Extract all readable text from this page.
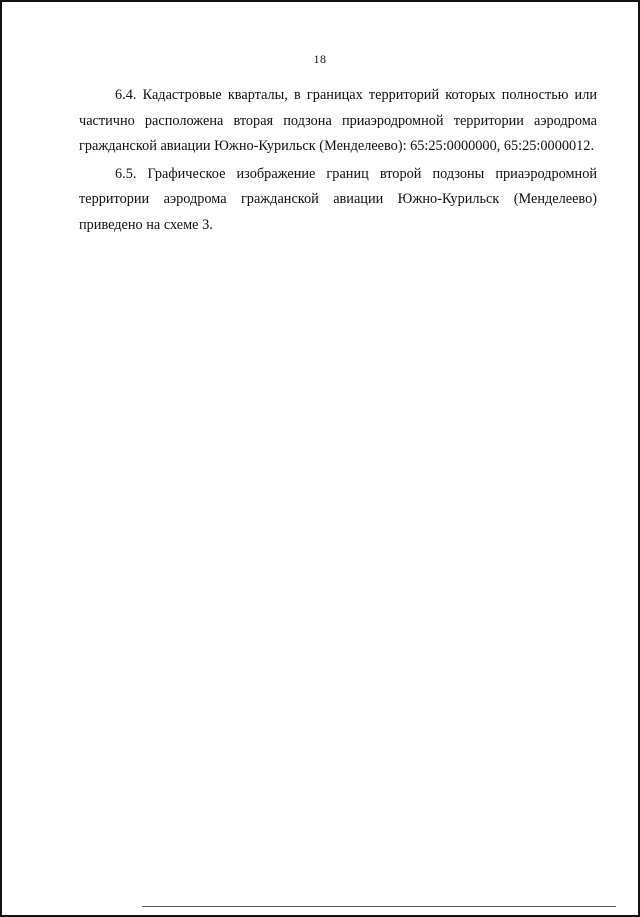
18

6.4. Кадастровые кварталы, в границах территорий которых полностью или частично расположена вторая подзона приаэродромной территории аэродрома гражданской авиации Южно-Курильск (Менделеево): 65:25:0000000, 65:25:0000012.

6.5. Графическое изображение границ второй подзоны приаэродромной территории аэродрома гражданской авиации Южно-Курильск (Менделеево) приведено на схеме 3.
